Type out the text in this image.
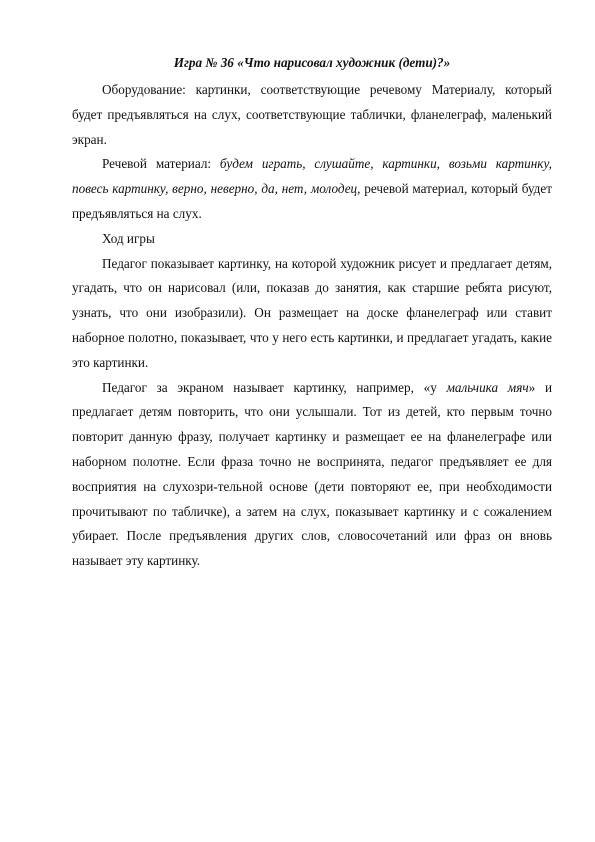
Игра № 36 «Что нарисовал художник (дети)?»

Оборудование: картинки, соответствующие речевому Материалу, который будет предъявляться на слух, соответствующие таблички, фланелеграф, маленький экран.

Речевой материал: будем играть, слушайте, картинки, возьми картинку, повесь картинку, верно, неверно, да, нет, молодец, речевой материал, который будет предъявляться на слух.

Ход игры

Педагог показывает картинку, на которой художник рисует и предлагает детям, угадать, что он нарисовал (или, показав до занятия, как старшие ребята рисуют, узнать, что они изобразили). Он размещает на доске фланелеграф или ставит наборное полотно, показывает, что у него есть картинки, и предлагает угадать, какие это картинки.

Педагог за экраном называет картинку, например, «у мальчика мяч» и предлагает детям повторить, что они услышали. Тот из детей, кто первым точно повторит данную фразу, получает картинку и размещает ее на фланелеграфе или наборном полотне. Если фраза точно не воспринята, педагог предъявляет ее для восприятия на слухозри-тельной основе (дети повторяют ее, при необходимости прочитывают по табличке), а затем на слух, показывает картинку и с сожалением убирает. После предъявления других слов, словосочетаний или фраз он вновь называет эту картинку.
